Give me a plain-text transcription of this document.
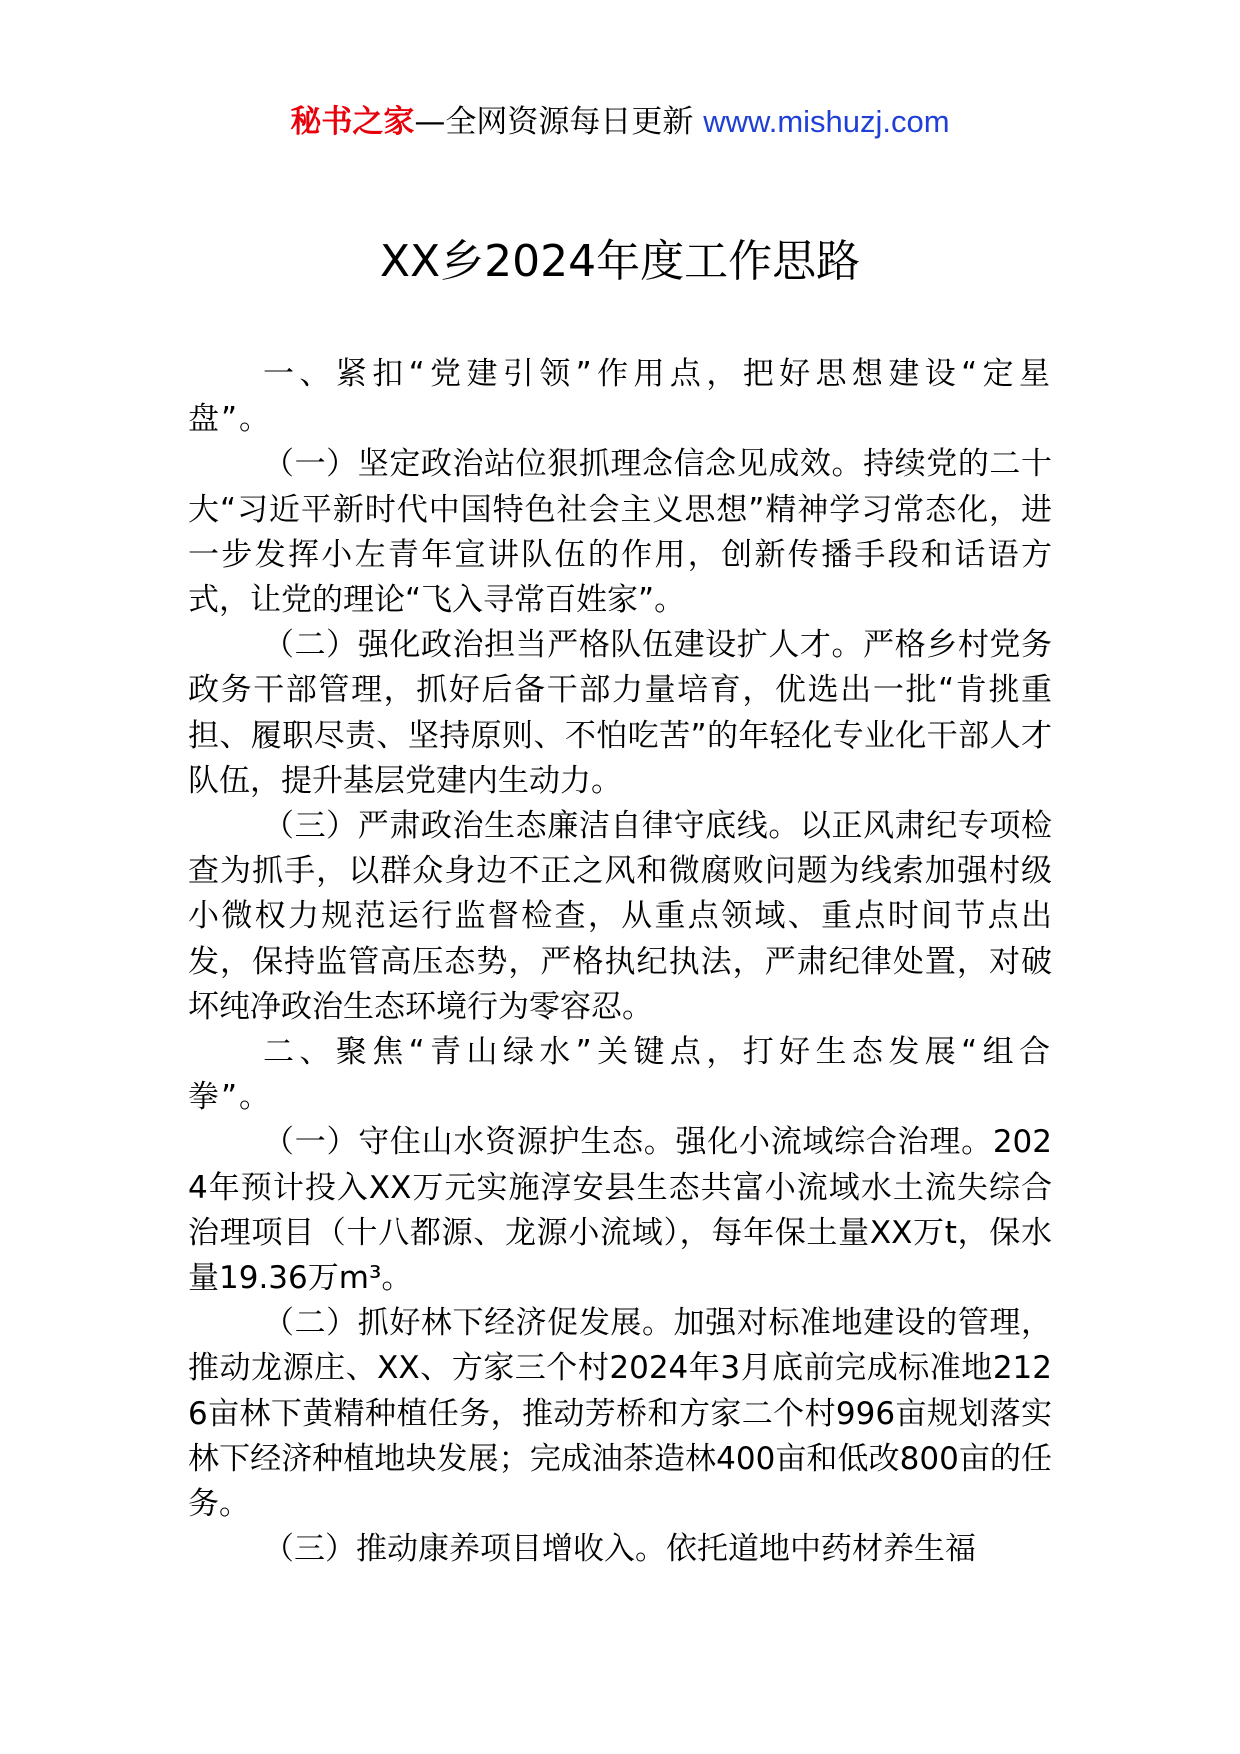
秘书之家—全网资源每日更新 www.mishuzj.com
XX乡2024年度工作思路

一、紧扣“党建引领”作用点，把好思想建设“定星盘”。

（一）坚定政治站位狠抓理念信念见成效。持续党的二十大“习近平新时代中国特色社会主义思想”精神学习常态化，进一步发挥小左青年宣讲队伍的作用，创新传播手段和话语方式，让党的理论“飞入寻常百姓家”。

（二）强化政治担当严格队伍建设扩人才。严格乡村党务政务干部管理，抓好后备干部力量培育，优选出一批“肯挑重担、履职尽责、坚持原则、不怕吃苦”的年轻化专业化干部人才队伍，提升基层党建内生动力。

（三）严肃政治生态廉洁自律守底线。以正风肃纪专项检查为抓手，以群众身边不正之风和微腐败问题为线索加强村级小微权力规范运行监督检查，从重点领域、重点时间节点出发，保持监管高压态势，严格执纪执法，严肃纪律处置，对破坏纯净政治生态环境行为零容忍。

二、聚焦“青山绿水”关键点，打好生态发展“组合拳”。

（一）守住山水资源护生态。强化小流域综合治理。2024年预计投入XX万元实施淳安县生态共富小流域水土流失综合治理项目（十八都源、龙源小流域），每年保土量XX万t，保水量19.36万m³。

（二）抓好林下经济促发展。加强对标准地建设的管理，推动龙源庄、XX、方家三个村2024年3月底前完成标准地2126亩林下黄精种植任务，推动芳桥和方家二个村996亩规划落实林下经济种植地块发展；完成油茶造林400亩和低改800亩的任务。

（三）推动康养项目增收入。依托道地中药材养生福
